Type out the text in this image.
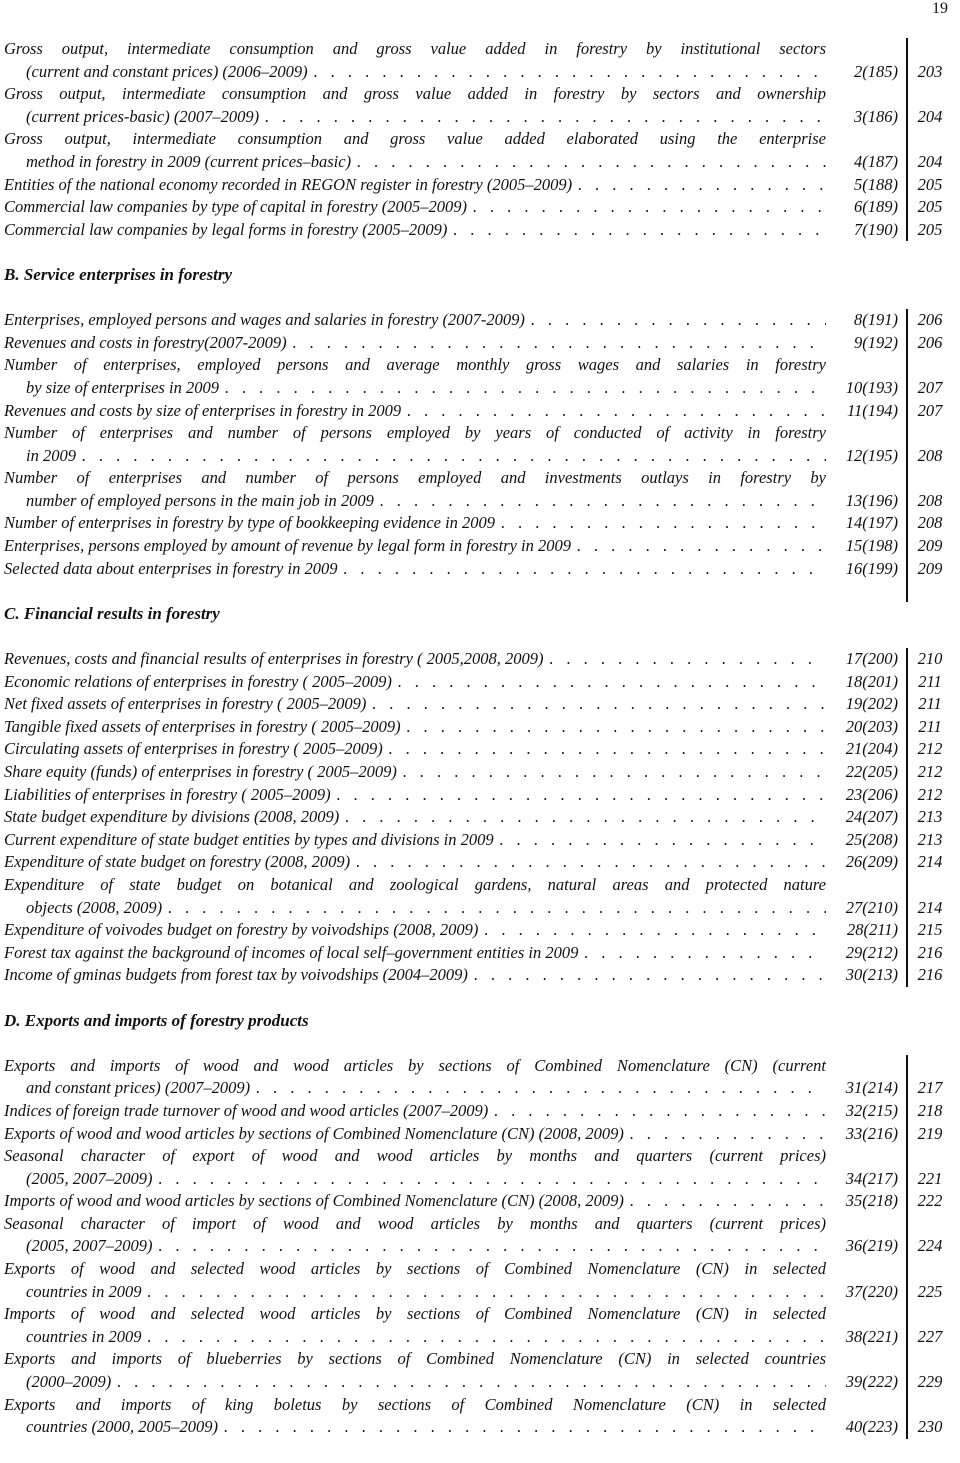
19
Gross output, intermediate consumption and gross value added in forestry by institutional sectors
(current and constant prices) (2006–2009) . . .	2(185)	203
Gross output, intermediate consumption and gross value added in forestry by sectors and ownership
(current prices-basic) (2007–2009) . . .	3(186)	204
Gross output, intermediate consumption and gross value added elaborated using the enterprise
method in forestry in 2009 (current prices–basic) . . .	4(187)	204
Entities of the national economy recorded in REGON register in forestry (2005–2009) . . .	5(188)	205
Commercial law companies by type of capital in forestry (2005–2009) . . .	6(189)	205
Commercial law companies by legal forms in forestry (2005–2009) . . .	7(190)	205
B. Service enterprises in forestry
Enterprises, employed persons and wages and salaries in forestry (2007-2009) . . .	8(191)	206
Revenues and costs in forestry(2007-2009) . . .	9(192)	206
Number of enterprises, employed persons and average monthly gross wages and salaries in forestry
by size of enterprises in 2009 . . .	10(193)	207
Revenues and costs by size of enterprises in forestry in 2009 . . .	11(194)	207
Number of enterprises and number of persons employed by years of conducted of activity in forestry
in 2009 . . .	12(195)	208
Number of enterprises and number of persons employed and investments outlays in forestry by
number of employed persons in the main job in 2009 . . .	13(196)	208
Number of enterprises in forestry by type of bookkeeping evidence in 2009 . . .	14(197)	208
Enterprises, persons employed by amount of revenue by legal form in forestry in 2009 . . .	15(198)	209
Selected data about enterprises in forestry in 2009 . . .	16(199)	209
C. Financial results in forestry
Revenues, costs and financial results of enterprises in forestry ( 2005,2008, 2009) . . .	17(200)	210
Economic relations of enterprises in forestry ( 2005–2009) . . .	18(201)	211
Net fixed assets of enterprises in forestry ( 2005–2009) . . .	19(202)	211
Tangible fixed assets of enterprises in forestry ( 2005–2009) . . .	20(203)	211
Circulating assets of enterprises in forestry ( 2005–2009) . . .	21(204)	212
Share equity (funds) of enterprises in forestry ( 2005–2009) . . .	22(205)	212
Liabilities of enterprises in forestry ( 2005–2009) . . .	23(206)	212
State budget expenditure by divisions (2008, 2009) . . .	24(207)	213
Current expenditure of state budget entities by types and divisions in 2009 . . .	25(208)	213
Expenditure of state budget on forestry (2008, 2009) . . .	26(209)	214
Expenditure of state budget on botanical and zoological gardens, natural areas and protected nature
objects (2008, 2009) . . .	27(210)	214
Expenditure of voivodes budget on forestry by voivodships (2008, 2009) . . .	28(211)	215
Forest tax against the background of incomes of local self–government entities in 2009 . . .	29(212)	216
Income of gminas budgets from forest tax by voivodships (2004–2009) . . .	30(213)	216
D. Exports and imports of forestry products
Exports and imports of wood and wood articles by sections of Combined Nomenclature (CN) (current
and constant prices) (2007–2009) . . .	31(214)	217
Indices of foreign trade turnover of wood and wood articles (2007–2009) . . .	32(215)	218
Exports of wood and wood articles by sections of Combined Nomenclature (CN) (2008, 2009) . . .	33(216)	219
Seasonal character of export of wood and wood articles by months and quarters (current prices)
(2005, 2007–2009) . . .	34(217)	221
Imports of wood and wood articles by sections of Combined Nomenclature (CN) (2008, 2009) . . .	35(218)	222
Seasonal character of import of wood and wood articles by months and quarters (current prices)
(2005, 2007–2009) . . .	36(219)	224
Exports of wood and selected wood articles by sections of Combined Nomenclature (CN) in selected
countries in 2009 . . .	37(220)	225
Imports of wood and selected wood articles by sections of Combined Nomenclature (CN) in selected
countries in 2009 . . .	38(221)	227
Exports and imports of blueberries by sections of Combined Nomenclature (CN) in selected countries
(2000–2009) . . .	39(222)	229
Exports and imports of king boletus by sections of Combined Nomenclature (CN) in selected
countries (2000, 2005–2009) . . .	40(223)	230
